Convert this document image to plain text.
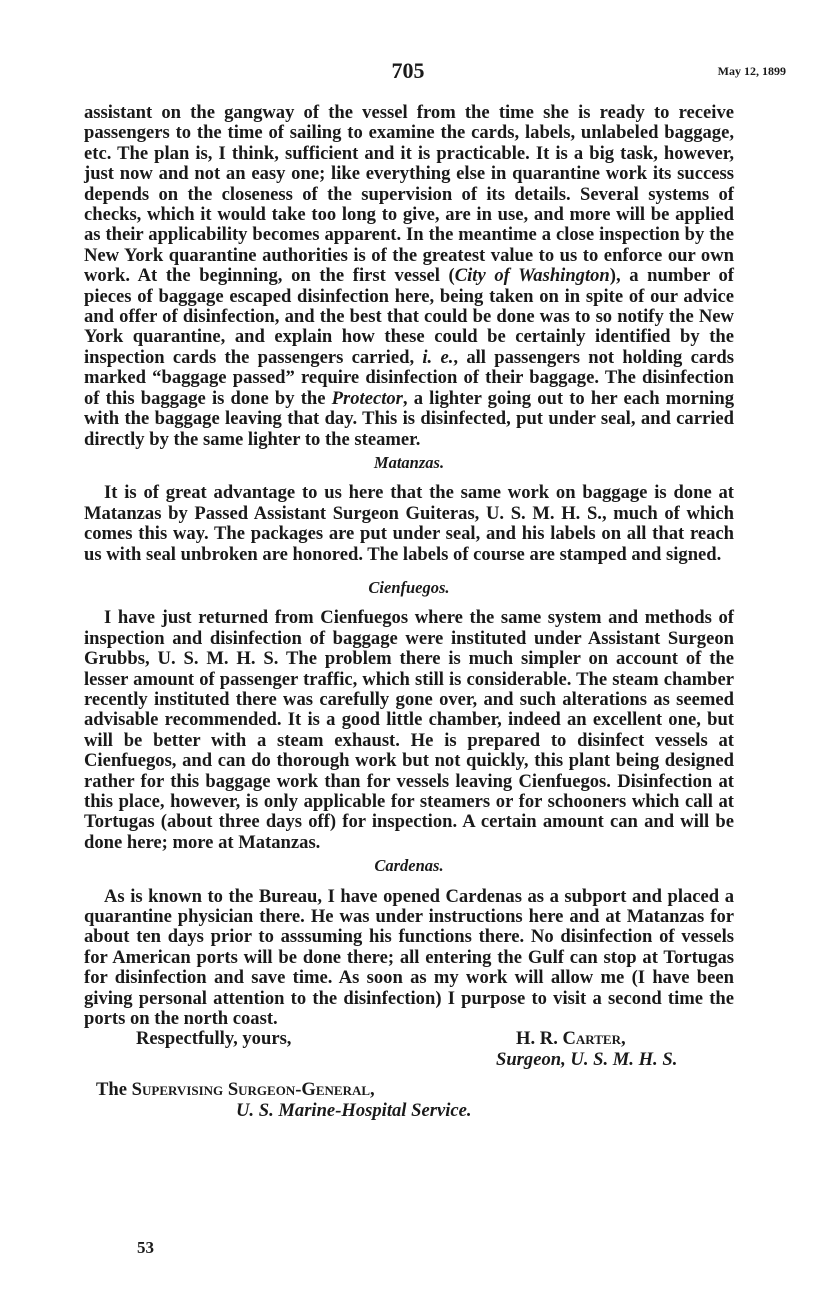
705	May 12, 1899

assistant on the gangway of the vessel from the time she is ready to receive passengers to the time of sailing to examine the cards, labels, unlabeled baggage, etc. The plan is, I think, sufficient and it is practicable. It is a big task, however, just now and not an easy one; like everything else in quarantine work its success depends on the closeness of the supervision of its details. Several systems of checks, which it would take too long to give, are in use, and more will be applied as their applicability becomes apparent. In the meantime a close inspection by the New York quarantine authorities is of the greatest value to us to enforce our own work. At the beginning, on the first vessel (City of Washington), a number of pieces of baggage escaped disinfection here, being taken on in spite of our advice and offer of disinfection, and the best that could be done was to so notify the New York quarantine, and explain how these could be certainly identified by the inspection cards the passengers carried, i. e., all passengers not holding cards marked “baggage passed” require disinfection of their baggage. The disinfection of this baggage is done by the Protector, a lighter going out to her each morning with the baggage leaving that day. This is disinfected, put under seal, and carried directly by the same lighter to the steamer.

Matanzas.

It is of great advantage to us here that the same work on baggage is done at Matanzas by Passed Assistant Surgeon Guiteras, U. S. M. H. S., much of which comes this way. The packages are put under seal, and his labels on all that reach us with seal unbroken are honored. The labels of course are stamped and signed.

Cienfuegos.

I have just returned from Cienfuegos where the same system and methods of inspection and disinfection of baggage were instituted under Assistant Surgeon Grubbs, U. S. M. H. S. The problem there is much simpler on account of the lesser amount of passenger traffic, which still is considerable. The steam chamber recently instituted there was carefully gone over, and such alterations as seemed advisable recommended. It is a good little chamber, indeed an excellent one, but will be better with a steam exhaust. He is prepared to disinfect vessels at Cienfuegos, and can do thorough work but not quickly, this plant being designed rather for this baggage work than for vessels leaving Cienfuegos. Disinfection at this place, however, is only applicable for steamers or for schooners which call at Tortugas (about three days off) for inspection. A certain amount can and will be done here; more at Matanzas.

Cardenas.

As is known to the Bureau, I have opened Cardenas as a subport and placed a quarantine physician there. He was under instructions here and at Matanzas for about ten days prior to asssuming his functions there. No disinfection of vessels for American ports will be done there; all entering the Gulf can stop at Tortugas for disinfection and save time. As soon as my work will allow me (I have been giving personal attention to the disinfection) I purpose to visit a second time the ports on the north coast.

Respectfully, yours,	H. R. Carter,
Surgeon, U. S. M. H. S.
The Supervising Surgeon-General,
U. S. Marine-Hospital Service.
53
